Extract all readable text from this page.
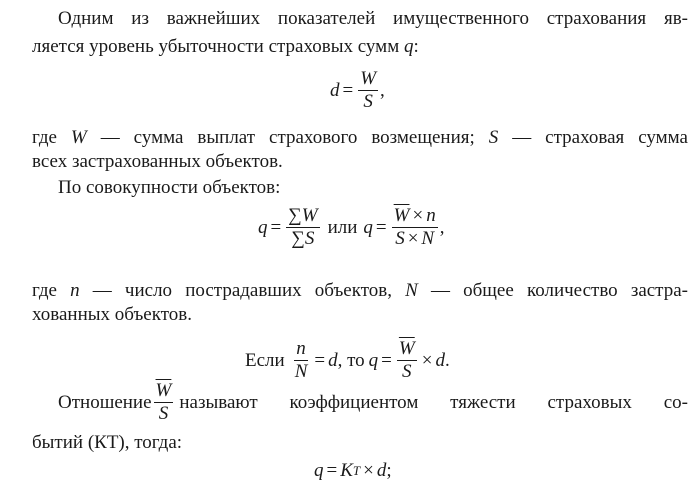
Одним из важнейших показателей имущественного страхования яв-
ляется уровень убыточности страховых сумм q:
$d = \frac{W}{S}$ ,
где W — сумма выплат страхового возмещения; S — страховая сумма
всех застрахованных объектов.
По совокупности объектов:
$q = \frac{\sum W}{\sum S}$ или $q = \frac{\overline{W} \times n}{\overline{S} \times N}$ ,
где n — число пострадавших объектов, N — общее количество застра-
хованных объектов.
Если $\frac{n}{N} = d$ , то $q = \frac{\overline{W}}{S} \times d$ .
Отношение $\frac{\overline{W}}{S}$ называют коэффициентом тяжести страховых со-
бытий (КТ), тогда:
q = K T × d ;
